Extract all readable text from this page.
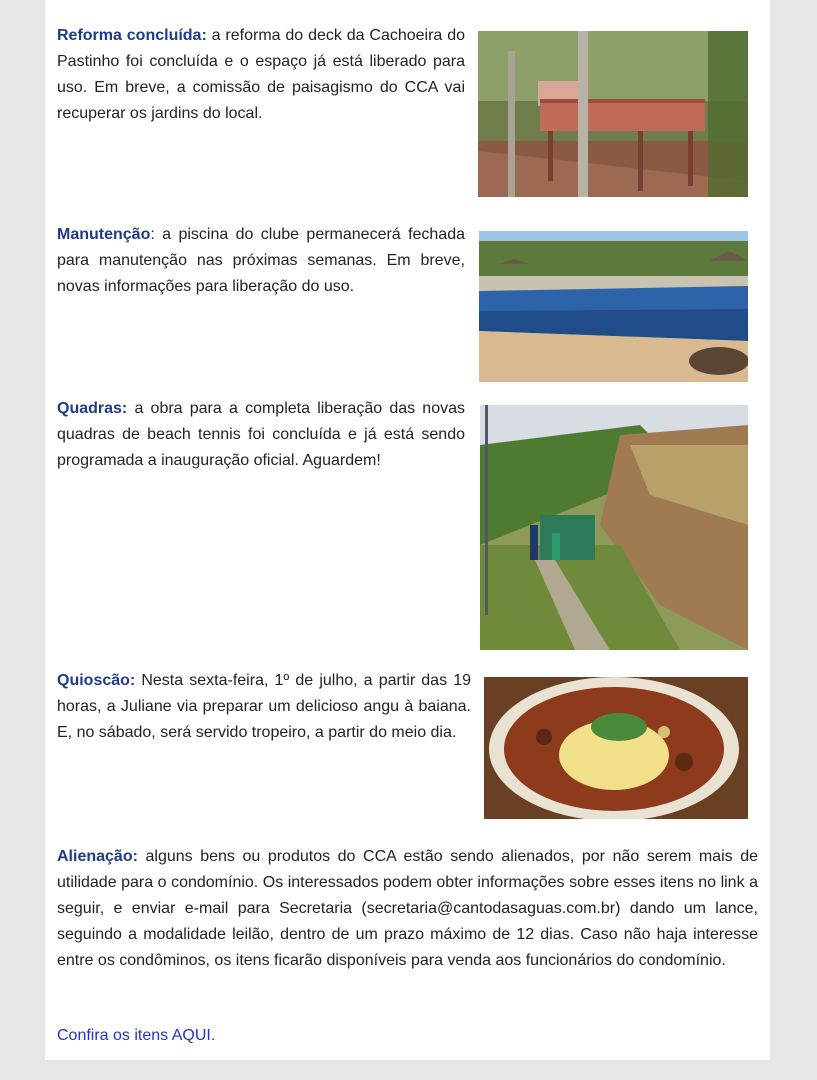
Reforma concluída: a reforma do deck da Cachoeira do Pastinho foi concluída e o espaço já está liberado para uso. Em breve, a comissão de paisagismo do CCA vai recuperar os jardins do local.
Manutenção: a piscina do clube permanecerá fechada para manutenção nas próximas semanas. Em breve, novas informações para liberação do uso.
Quadras: a obra para a completa liberação das novas quadras de beach tennis foi concluída e já está sendo programada a inauguração oficial. Aguardem!
Quioscão: Nesta sexta-feira, 1º de julho, a partir das 19 horas, a Juliane via preparar um delicioso angu à baiana. E, no sábado, será servido tropeiro, a partir do meio dia.
Alienação: alguns bens ou produtos do CCA estão sendo alienados, por não serem mais de utilidade para o condomínio. Os interessados podem obter informações sobre esses itens no link a seguir, e enviar e-mail para Secretaria (secretaria@cantodasaguas.com.br) dando um lance, seguindo a modalidade leilão, dentro de um prazo máximo de 12 dias. Caso não haja interesse entre os condôminos, os itens ficarão disponíveis para venda aos funcionários do condomínio.
Confira os itens AQUI.
